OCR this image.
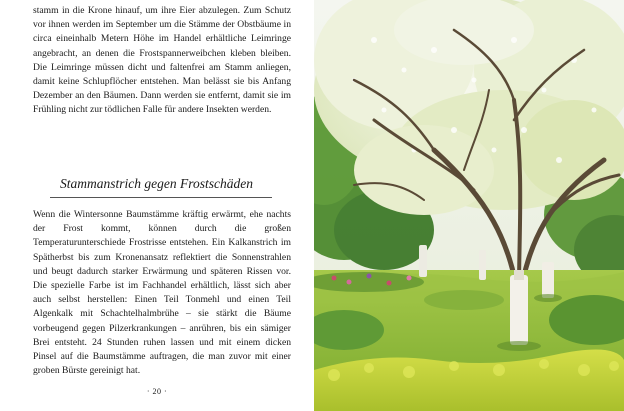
stamm in die Krone hinauf, um ihre Eier abzulegen. Zum Schutz vor ihnen werden im September um die Stämme der Obstbäume in circa eineinhalb Metern Höhe im Handel erhältliche Leimringe angebracht, an denen die Frostspannerweibchen kleben bleiben. Die Leimringe müssen dicht und faltenfrei am Stamm anliegen, damit keine Schlupflöcher entstehen. Man belässt sie bis Anfang Dezember an den Bäumen. Dann werden sie entfernt, damit sie im Frühling nicht zur tödlichen Falle für andere Insekten werden.

Stammanstrich gegen Frostschäden

Wenn die Wintersonne Baumstämme kräftig erwärmt, ehe nachts der Frost kommt, können durch die großen Temperaturunterschiede Frostrisse entstehen. Ein Kalkanstrich im Spätherbst bis zum Kronenansatz reflektiert die Sonnenstrahlen und beugt dadurch starker Erwärmung und späteren Rissen vor. Die spezielle Farbe ist im Fachhandel erhältlich, lässt sich aber auch selbst herstellen: Einen Teil Tonmehl und einen Teil Algenkalk mit Schachtelhalmbrühe – sie stärkt die Bäume vorbeugend gegen Pilzerkrankungen – anrühren, bis ein sämiger Brei entsteht. 24 Stunden ruhen lassen und mit einem dicken Pinsel auf die Baumstämme auftragen, die man zuvor mit einer groben Bürste gereinigt hat.

· 20 ·
